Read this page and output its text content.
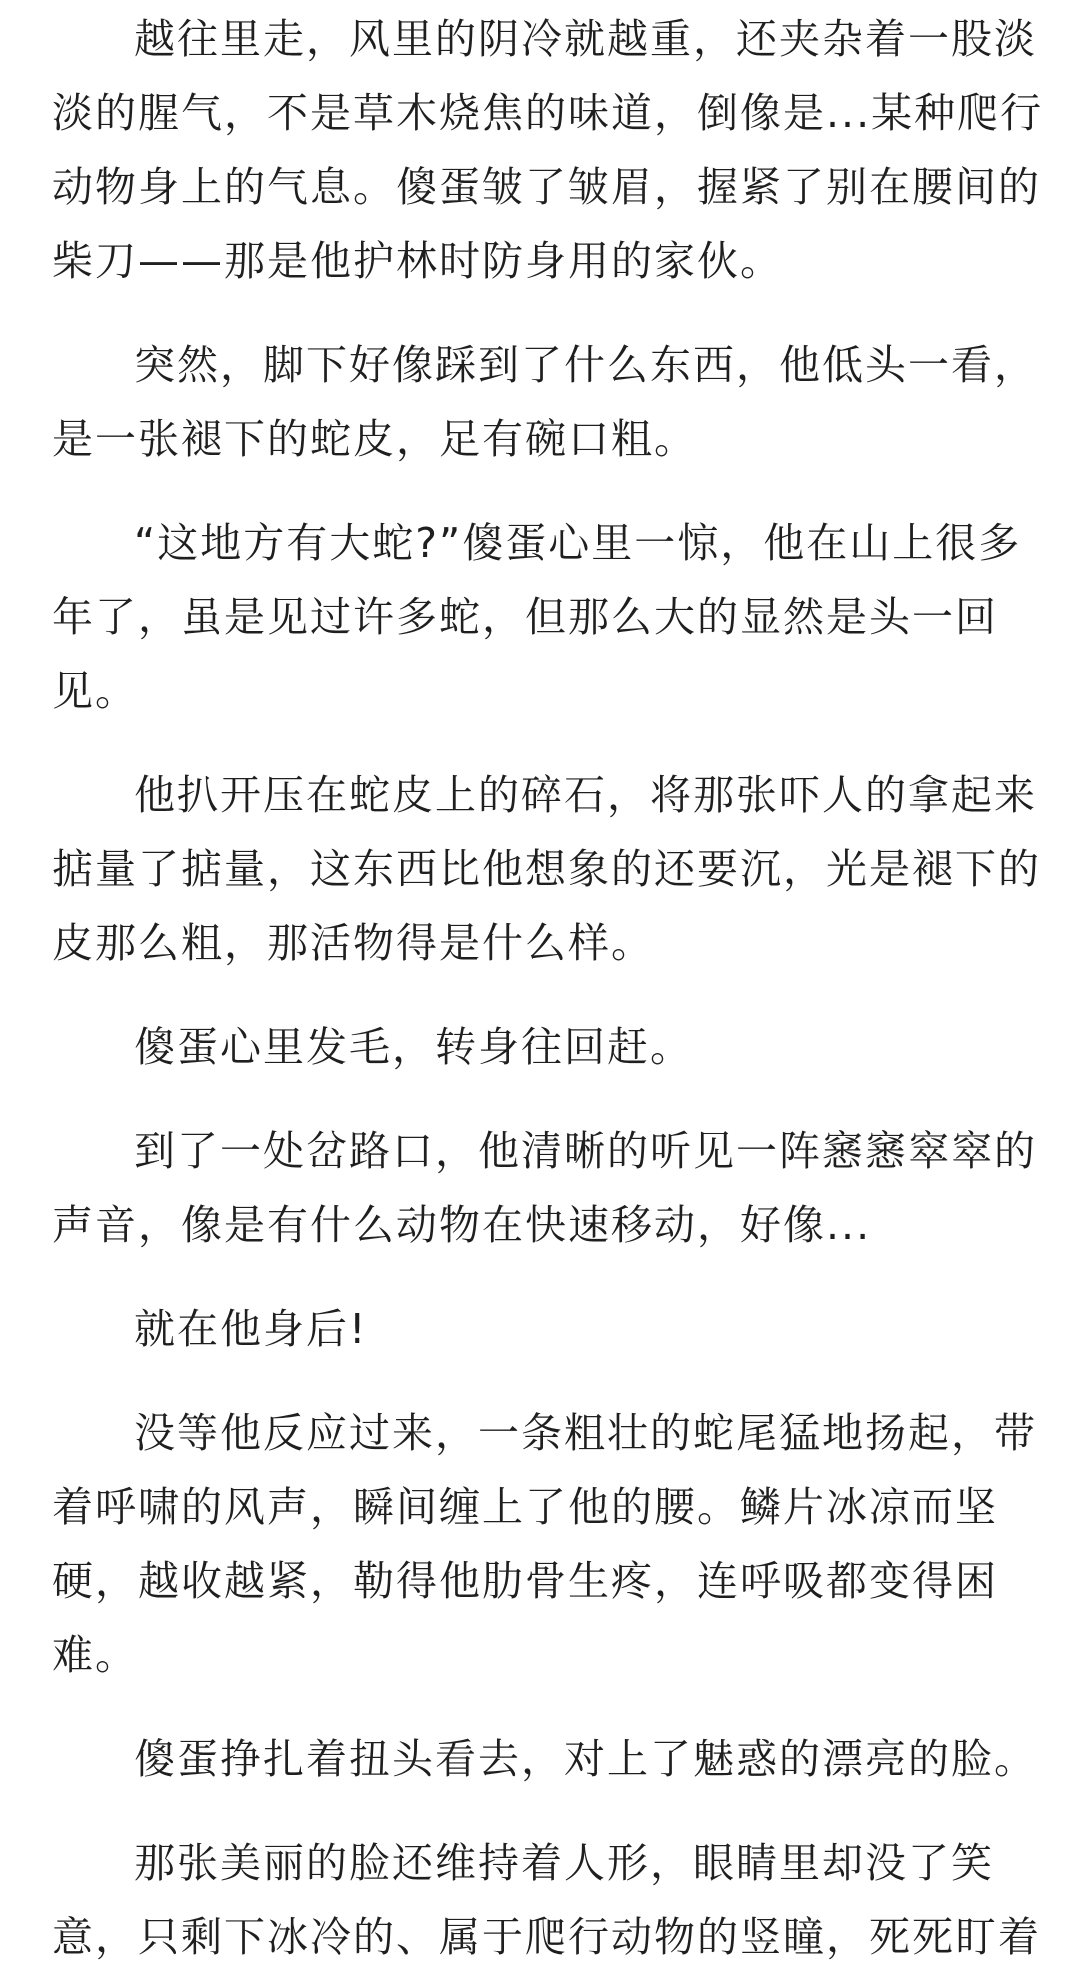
越往里走，风里的阴冷就越重，还夹杂着一股淡淡的腥气，不是草木烧焦的味道，倒像是...某种爬行动物身上的气息。傻蛋皱了皱眉，握紧了别在腰间的柴刀——那是他护林时防身用的家伙。

突然，脚下好像踩到了什么东西，他低头一看，是一张褪下的蛇皮，足有碗口粗。

“这地方有大蛇?”傻蛋心里一惊，他在山上很多年了，虽是见过许多蛇，但那么大的显然是头一回见。

他扒开压在蛇皮上的碎石，将那张吓人的拿起来掂量了掂量，这东西比他想象的还要沉，光是褪下的皮那么粗，那活物得是什么样。

傻蛋心里发毛，转身往回赶。

到了一处岔路口，他清晰的听见一阵窸窸窣窣的声音，像是有什么动物在快速移动，好像...

就在他身后!

没等他反应过来，一条粗壮的蛇尾猛地扬起，带着呼啸的风声，瞬间缠上了他的腰。鳞片冰凉而坚硬，越收越紧，勒得他肋骨生疼，连呼吸都变得困难。

傻蛋挣扎着扭头看去，对上了魅惑的漂亮的脸。

那张美丽的脸还维持着人形，眼睛里却没了笑意，只剩下冰冷的、属于爬行动物的竖瞳，死死盯着
